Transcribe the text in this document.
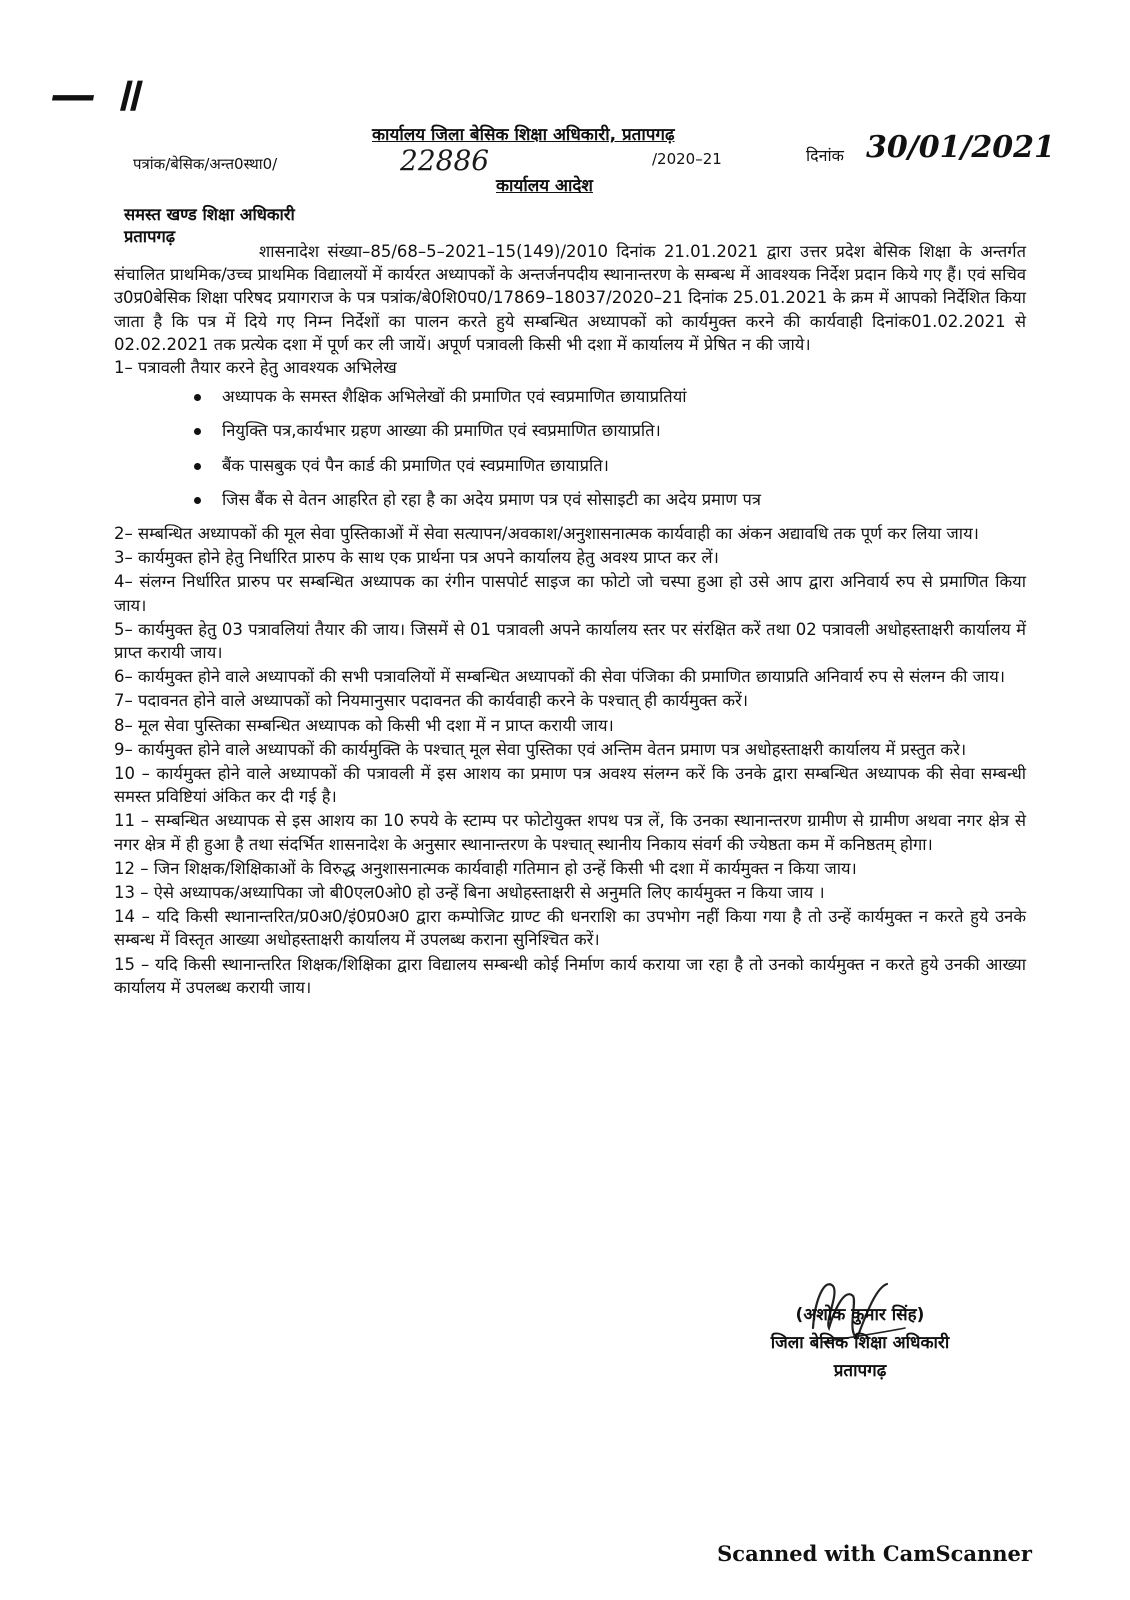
— ॥
कार्यालय जिला बेसिक शिक्षा अधिकारी, प्रतापगढ़
पत्रांक/बेसिक/अन्त0स्था0/	22886	/2020–21	दिनांक 30/01/2021
कार्यालय आदेश
समस्त खण्ड शिक्षा अधिकारी
प्रतापगढ़

शासनादेश संख्या–85/68–5–2021–15(149)/2010 दिनांक 21.01.2021 द्वारा उत्तर प्रदेश बेसिक शिक्षा के अन्तर्गत संचालित प्राथमिक/उच्च प्राथमिक विद्यालयों में कार्यरत अध्यापकों के अन्तर्जनपदीय स्थानान्तरण के सम्बन्ध में आवश्यक निर्देश प्रदान किये गए हैं। एवं सचिव उ0प्र0बेसिक शिक्षा परिषद प्रयागराज के पत्र पत्रांक/बे0शि0प0/17869–18037/2020–21 दिनांक 25.01.2021 के क्रम में आपको निर्देशित किया जाता है कि पत्र में दिये गए निम्न निर्देशों का पालन करते हुये सम्बन्धित अध्यापकों को कार्यमुक्त करने की कार्यवाही दिनांक01.02.2021 से 02.02.2021 तक प्रत्येक दशा में पूर्ण कर ली जायें। अपूर्ण पत्रावली किसी भी दशा में कार्यालय में प्रेषित न की जाये।

1– पत्रावली तैयार करने हेतु आवश्यक अभिलेख

अध्यापक के समस्त शैक्षिक अभिलेखों की प्रमाणित एवं स्वप्रमाणित छायाप्रतियां
नियुक्ति पत्र,कार्यभार ग्रहण आख्या की प्रमाणित एवं स्वप्रमाणित छायाप्रति।
बैंक पासबुक एवं पैन कार्ड की प्रमाणित एवं स्वप्रमाणित छायाप्रति।
जिस बैंक से वेतन आहरित हो रहा है का अदेय प्रमाण पत्र एवं सोसाइटी का अदेय प्रमाण पत्र

2– सम्बन्धित अध्यापकों की मूल सेवा पुस्तिकाओं में सेवा सत्यापन/अवकाश/अनुशासनात्मक कार्यवाही का अंकन अद्यावधि तक पूर्ण कर लिया जाय।

3– कार्यमुक्त होने हेतु निर्धारित प्रारुप के साथ एक प्रार्थना पत्र अपने कार्यालय हेतु अवश्य प्राप्त कर लें।

4– संलग्न निर्धारित प्रारुप पर सम्बन्धित अध्यापक का रंगीन पासपोर्ट साइज का फोटो जो चस्पा हुआ हो उसे आप द्वारा अनिवार्य रुप से प्रमाणित किया जाय।

5– कार्यमुक्त हेतु 03 पत्रावलियां तैयार की जाय। जिसमें से 01 पत्रावली अपने कार्यालय स्तर पर संरक्षित करें तथा 02 पत्रावली अधोहस्ताक्षरी कार्यालय में प्राप्त करायी जाय।

6– कार्यमुक्त होने वाले अध्यापकों की सभी पत्रावलियों में सम्बन्धित अध्यापकों की सेवा पंजिका की प्रमाणित छायाप्रति अनिवार्य रुप से संलग्न की जाय।

7– पदावनत होने वाले अध्यापकों को नियमानुसार पदावनत की कार्यवाही करने के पश्चात् ही कार्यमुक्त करें।

8– मूल सेवा पुस्तिका सम्बन्धित अध्यापक को किसी भी दशा में न प्राप्त करायी जाय।

9– कार्यमुक्त होने वाले अध्यापकों की कार्यमुक्ति के पश्चात् मूल सेवा पुस्तिका एवं अन्तिम वेतन प्रमाण पत्र अधोहस्ताक्षरी कार्यालय में प्रस्तुत करे।

10 – कार्यमुक्त होने वाले अध्यापकों की पत्रावली में इस आशय का प्रमाण पत्र अवश्य संलग्न करें कि उनके द्वारा सम्बन्धित अध्यापक की सेवा सम्बन्धी समस्त प्रविष्टियां अंकित कर दी गई है।

11 – सम्बन्धित अध्यापक से इस आशय का 10 रुपये के स्टाम्प पर फोटोयुक्त शपथ पत्र लें, कि उनका स्थानान्तरण ग्रामीण से ग्रामीण अथवा नगर क्षेत्र से नगर क्षेत्र में ही हुआ है तथा संदर्भित शासनादेश के अनुसार स्थानान्तरण के पश्चात् स्थानीय निकाय संवर्ग की ज्येष्ठता कम में कनिष्ठतम् होगा।

12 – जिन शिक्षक/शिक्षिकाओं के विरुद्ध अनुशासनात्मक कार्यवाही गतिमान हो उन्हें किसी भी दशा में कार्यमुक्त न किया जाय।

13 – ऐसे अध्यापक/अध्यापिका जो बी0एल0ओ0 हो उन्हें बिना अधोहस्ताक्षरी से अनुमति लिए कार्यमुक्त न किया जाय ।

14 – यदि किसी स्थानान्तरित/प्र0अ0/इं0प्र0अ0 द्वारा कम्पोजिट ग्राण्ट की धनराशि का उपभोग नहीं किया गया है तो उन्हें कार्यमुक्त न करते हुये उनके सम्बन्ध में विस्तृत आख्या अधोहस्ताक्षरी कार्यालय में उपलब्ध कराना सुनिश्चित करें।

15 – यदि किसी स्थानान्तरित शिक्षक/शिक्षिका द्वारा विद्यालय सम्बन्धी कोई निर्माण कार्य कराया जा रहा है तो उनको कार्यमुक्त न करते हुये उनकी आख्या कार्यालय में उपलब्ध करायी जाय।

(अशोक कुमार सिंह)
जिला बेसिक शिक्षा अधिकारी
प्रतापगढ़
Scanned with CamScanner
